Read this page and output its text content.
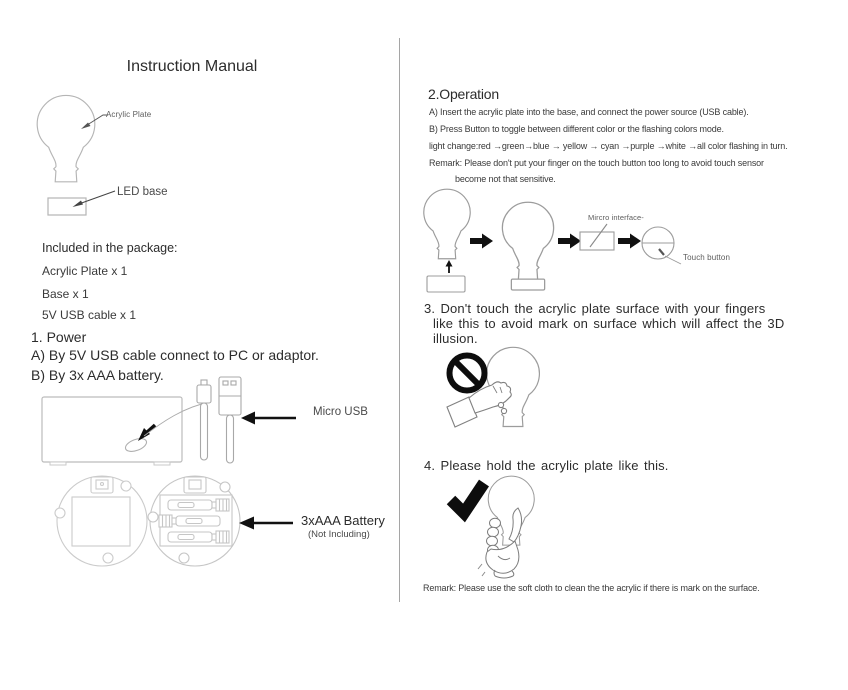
Instruction Manual
Acrylic Plate
LED base
Included in the package:
Acrylic Plate x 1
Base x 1
5V USB cable x 1
1. Power
A) By 5V USB cable connect to PC or adaptor.
B) By 3x AAA battery.
Micro USB
3xAAA Battery
(Not Including)
2.Operation
A) Insert the acrylic plate into the base, and connect the power source (USB cable).
B) Press Button to toggle between different color or the flashing colors mode.
light change:red →green→blue → yellow → cyan →purple →white →all color flashing in turn.
Remark: Please don't put your finger on the touch button too long to avoid touch sensor
become not that sensitive.
Mircro interface-
Touch button
3. Don't touch the acrylic plate surface with your fingers
like this to avoid mark on surface which will affect the 3D
illusion.
4. Please hold the acrylic plate like this.
Remark: Please use the soft cloth to clean the the acrylic if there is mark on the surface.
